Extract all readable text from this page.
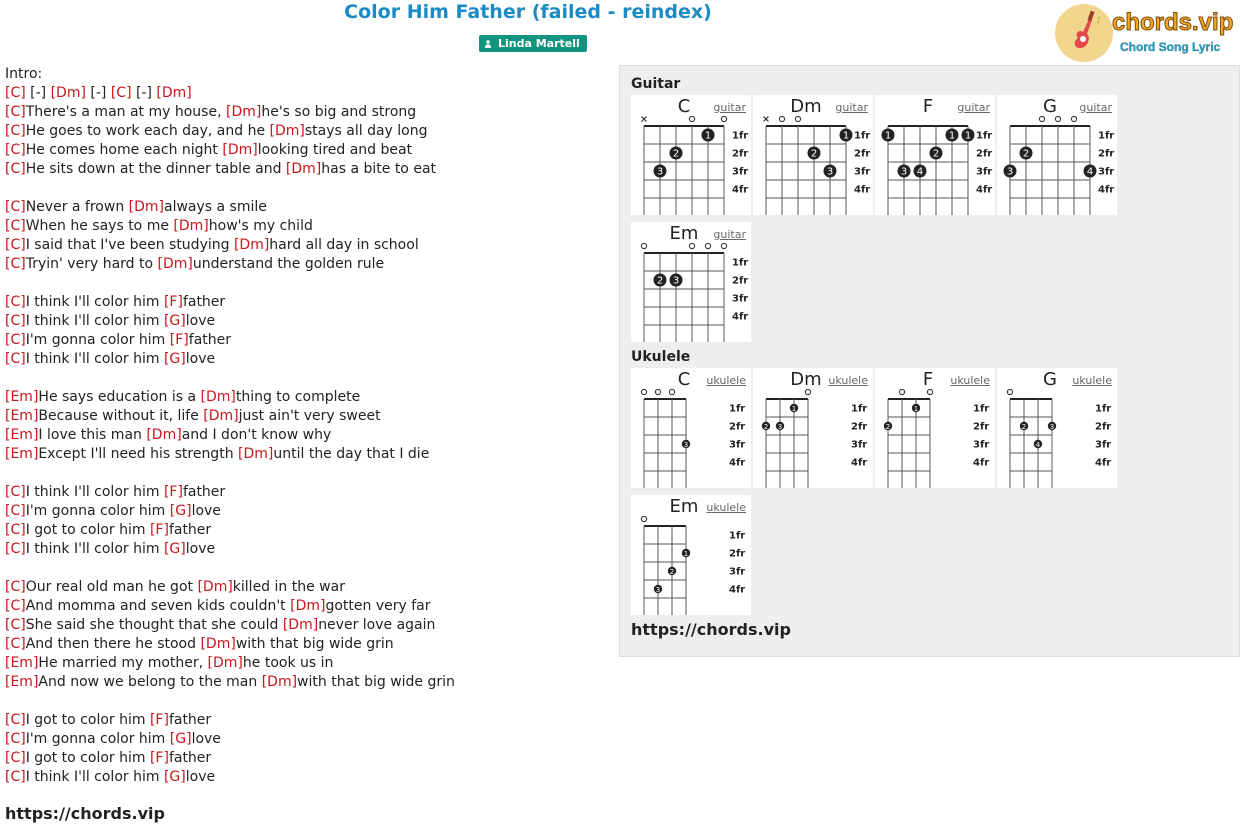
Color Him Father (failed - reindex)
Linda Martell
♪ chords.vip
Chord Song Lyric
Intro:
[C] [-] [Dm] [-] [C] [-] [Dm]
[C]There's a man at my house, [Dm]he's so big and strong
[C]He goes to work each day, and he [Dm]stays all day long
[C]He comes home each night [Dm]looking tired and beat
[C]He sits down at the dinner table and [Dm]has a bite to eat
[C]Never a frown [Dm]always a smile
[C]When he says to me [Dm]how's my child
[C]I said that I've been studying [Dm]hard all day in school
[C]Tryin' very hard to [Dm]understand the golden rule
[C]I think I'll color him [F]father
[C]I think I'll color him [G]love
[C]I'm gonna color him [F]father
[C]I think I'll color him [G]love
[Em]He says education is a [Dm]thing to complete
[Em]Because without it, life [Dm]just ain't very sweet
[Em]I love this man [Dm]and I don't know why
[Em]Except I'll need his strength [Dm]until the day that I die
[C]I think I'll color him [F]father
[C]I'm gonna color him [G]love
[C]I got to color him [F]father
[C]I think I'll color him [G]love
[C]Our real old man he got [Dm]killed in the war
[C]And momma and seven kids couldn't [Dm]gotten very far
[C]She said she thought that she could [Dm]never love again
[C]And then there he stood [Dm]with that big wide grin
[Em]He married my mother, [Dm]he took us in
[Em]And now we belong to the man [Dm]with that big wide grin
[C]I got to color him [F]father
[C]I'm gonna color him [G]love
[C]I got to color him [F]father
[C]I think I'll color him [G]love
https://chords.vip
Guitar
Ukulele
1
2
3
1fr
2fr
3fr
4fr
C	guitar
1
2
3
1fr
2fr
3fr
4fr
Dm	guitar
1	1 1
2
3 4
1fr
2fr
3fr
4fr
F	guitar
2
3	4
1fr
2fr
3fr
4fr
G	guitar
2 3
1fr
2fr
3fr
4fr
Em	guitar
3
1fr
2fr
3fr
4fr
C	ukulele
1
2 3
1fr
2fr
3fr
4fr
Dm ukulele
1
2
1fr
2fr
3fr
4fr
F	ukulele
2	3
4
1fr
2fr
3fr
4fr
G	ukulele
1
2
3
1fr
2fr
3fr
4fr
Em ukulele
https://chords.vip
